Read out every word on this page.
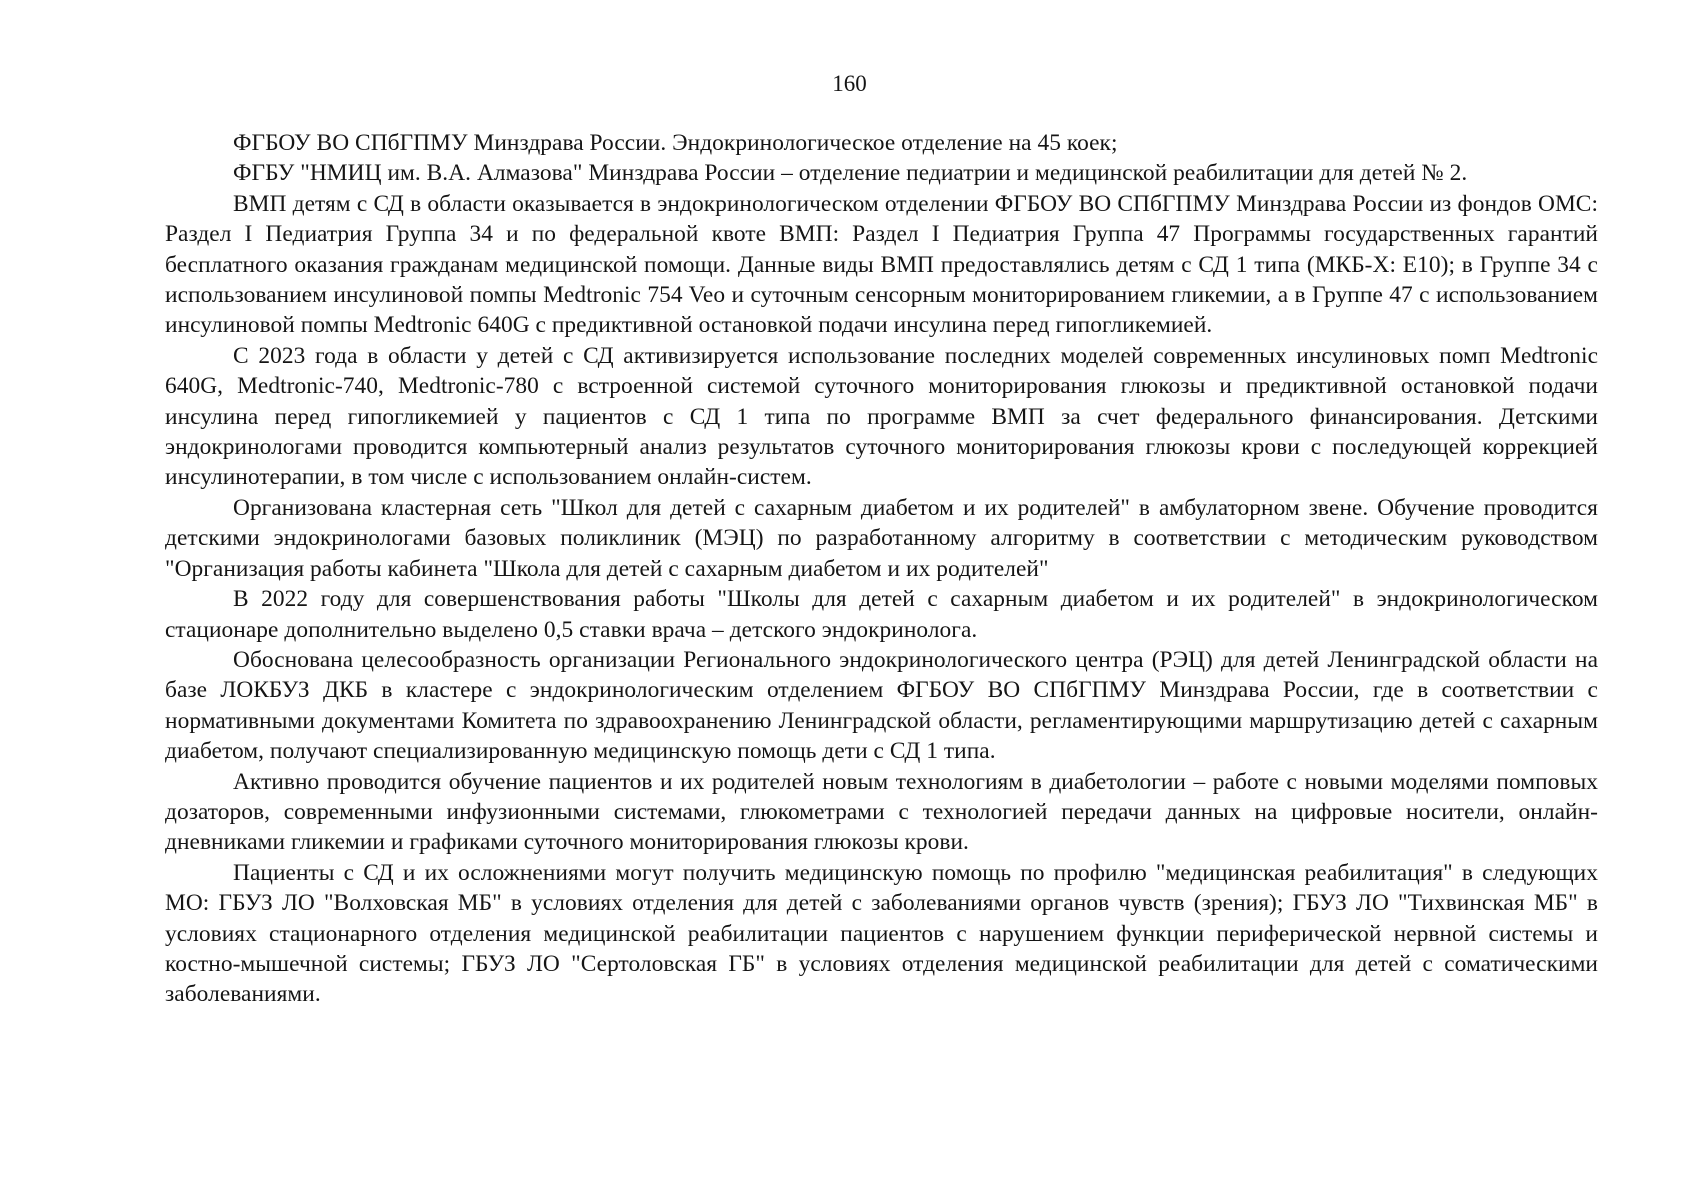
160

ФГБОУ ВО СПбГПМУ Минздрава России. Эндокринологическое отделение на 45 коек;

ФГБУ "НМИЦ им. В.А. Алмазова" Минздрава России – отделение педиатрии и медицинской реабилитации для детей № 2.

ВМП детям с СД в области оказывается в эндокринологическом отделении ФГБОУ ВО СПбГПМУ Минздрава России из фондов ОМС: Раздел I Педиатрия Группа 34 и по федеральной квоте ВМП: Раздел I Педиатрия Группа 47 Программы государственных гарантий бесплатного оказания гражданам медицинской помощи. Данные виды ВМП предоставлялись детям с СД 1 типа (МКБ-Х: Е10); в Группе 34 с использованием инсулиновой помпы Medtronic 754 Veo и суточным сенсорным мониторированием гликемии, а в Группе 47 с использованием инсулиновой помпы Medtronic 640G с предиктивной остановкой подачи инсулина перед гипогликемией.

С 2023 года в области у детей с СД активизируется использование последних моделей современных инсулиновых помп Medtronic 640G, Medtronic-740, Medtronic-780 с встроенной системой суточного мониторирования глюкозы и предиктивной остановкой подачи инсулина перед гипогликемией у пациентов с СД 1 типа по программе ВМП за счет федерального финансирования. Детскими эндокринологами проводится компьютерный анализ результатов суточного мониторирования глюкозы крови с последующей коррекцией инсулинотерапии, в том числе с использованием онлайн-систем.

Организована кластерная сеть "Школ для детей с сахарным диабетом и их родителей" в амбулаторном звене. Обучение проводится детскими эндокринологами базовых поликлиник (МЭЦ) по разработанному алгоритму в соответствии с методическим руководством "Организация работы кабинета "Школа для детей с сахарным диабетом и их родителей"

В 2022 году для совершенствования работы "Школы для детей с сахарным диабетом и их родителей" в эндокринологическом стационаре дополнительно выделено 0,5 ставки врача – детского эндокринолога.

Обоснована целесообразность организации Регионального эндокринологического центра (РЭЦ) для детей Ленинградской области на базе ЛОКБУЗ ДКБ в кластере с эндокринологическим отделением ФГБОУ ВО СПбГПМУ Минздрава России, где в соответствии с нормативными документами Комитета по здравоохранению Ленинградской области, регламентирующими маршрутизацию детей с сахарным диабетом, получают специализированную медицинскую помощь дети с СД 1 типа.

Активно проводится обучение пациентов и их родителей новым технологиям в диабетологии – работе с новыми моделями помповых дозаторов, современными инфузионными системами, глюкометрами с технологией передачи данных на цифровые носители, онлайн-дневниками гликемии и графиками суточного мониторирования глюкозы крови.

Пациенты с СД и их осложнениями могут получить медицинскую помощь по профилю "медицинская реабилитация" в следующих МО: ГБУЗ ЛО "Волховская МБ" в условиях отделения для детей с заболеваниями органов чувств (зрения); ГБУЗ ЛО "Тихвинская МБ" в условиях стационарного отделения медицинской реабилитации пациентов с нарушением функции периферической нервной системы и костно-мышечной системы; ГБУЗ ЛО "Сертоловская ГБ" в условиях отделения медицинской реабилитации для детей с соматическими заболеваниями.
